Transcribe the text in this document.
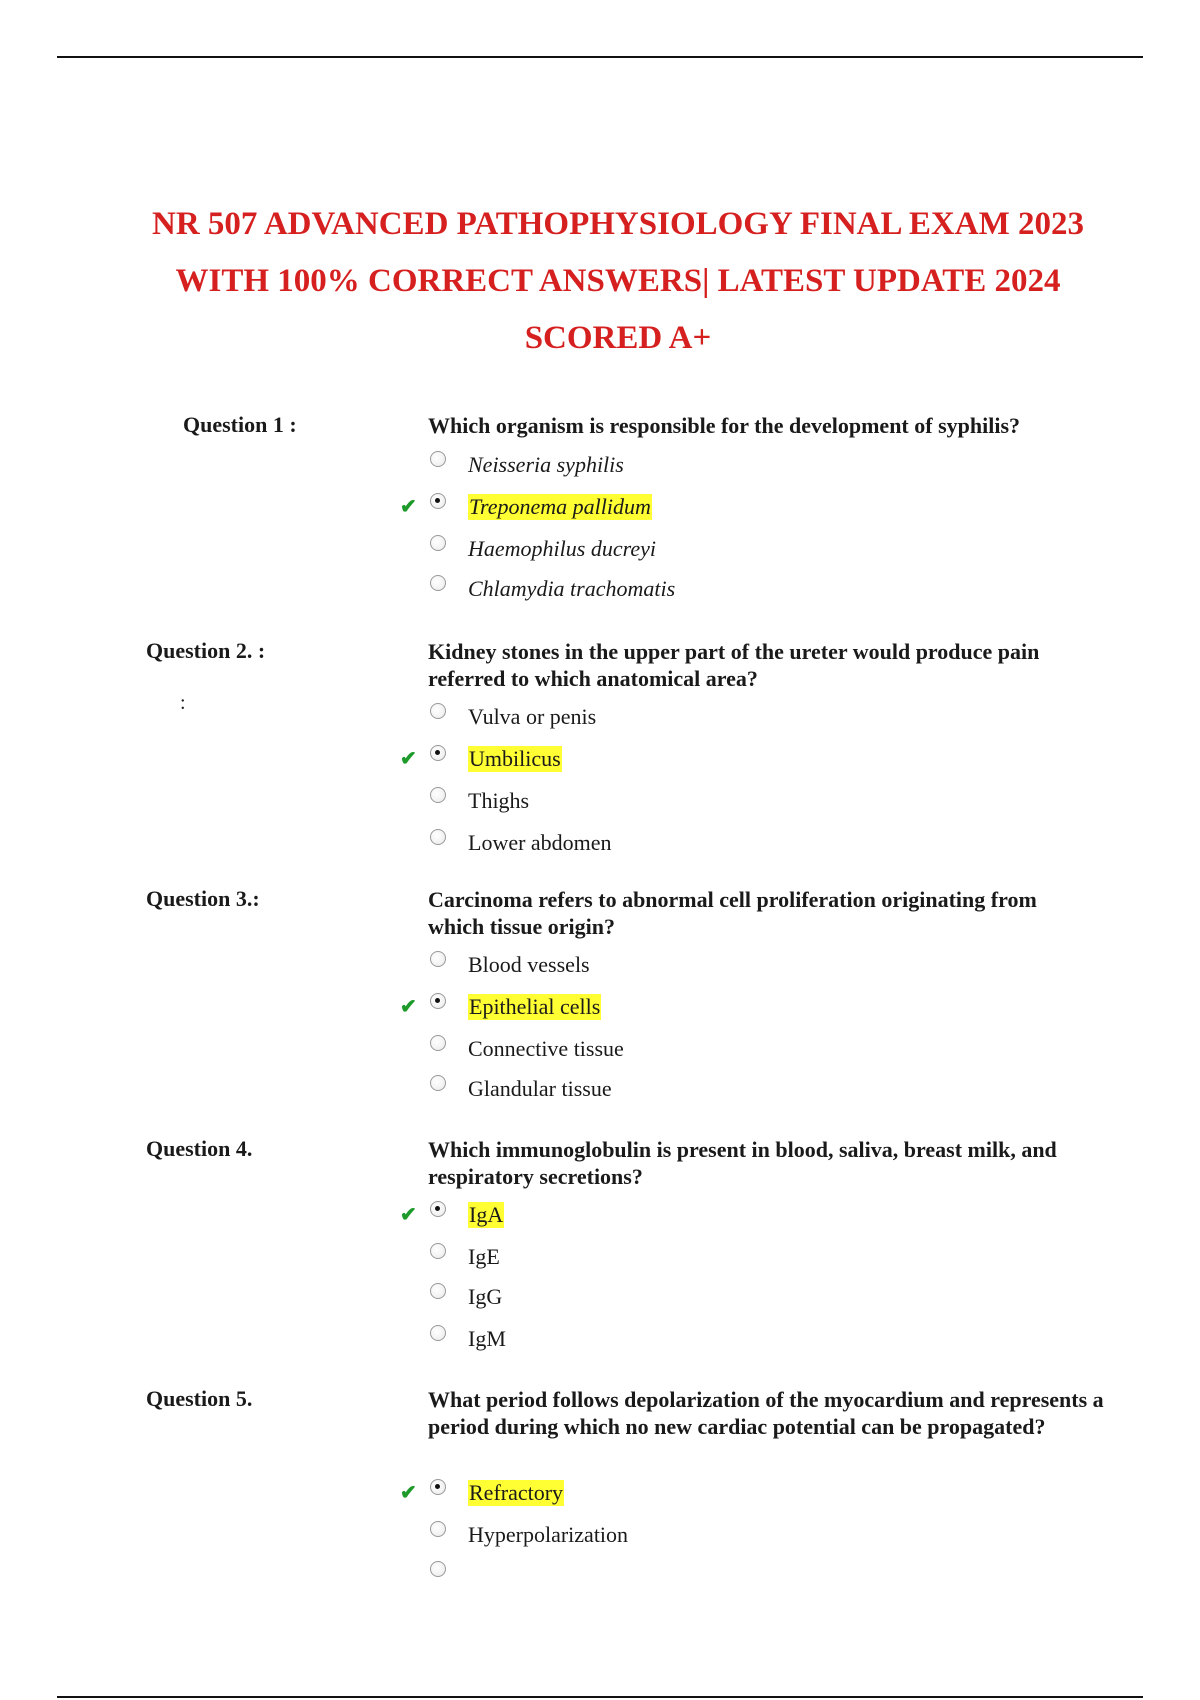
NR 507 ADVANCED PATHOPHYSIOLOGY FINAL EXAM 2023
WITH 100% CORRECT ANSWERS| LATEST UPDATE 2024
SCORED A+
Question 1 :	Which organism is responsible for the development of syphilis?
Neisseria syphilis
✔ Treponema pallidum
Haemophilus ducreyi
Chlamydia trachomatis
Question 2. :	Kidney stones in the upper part of the ureter would produce pain referred to which anatomical area?
:
Vulva or penis
✔ Umbilicus
Thighs
Lower abdomen
Question 3.:	Carcinoma refers to abnormal cell proliferation originating from which tissue origin?
Blood vessels
✔ Epithelial cells
Connective tissue
Glandular tissue
Question 4.	Which immunoglobulin is present in blood, saliva, breast milk, and respiratory secretions?
✔ IgA
IgE
IgG
IgM
Question 5.	What period follows depolarization of the myocardium and represents a period during which no new cardiac potential can be propagated?
✔ Refractory
Hyperpolarization
